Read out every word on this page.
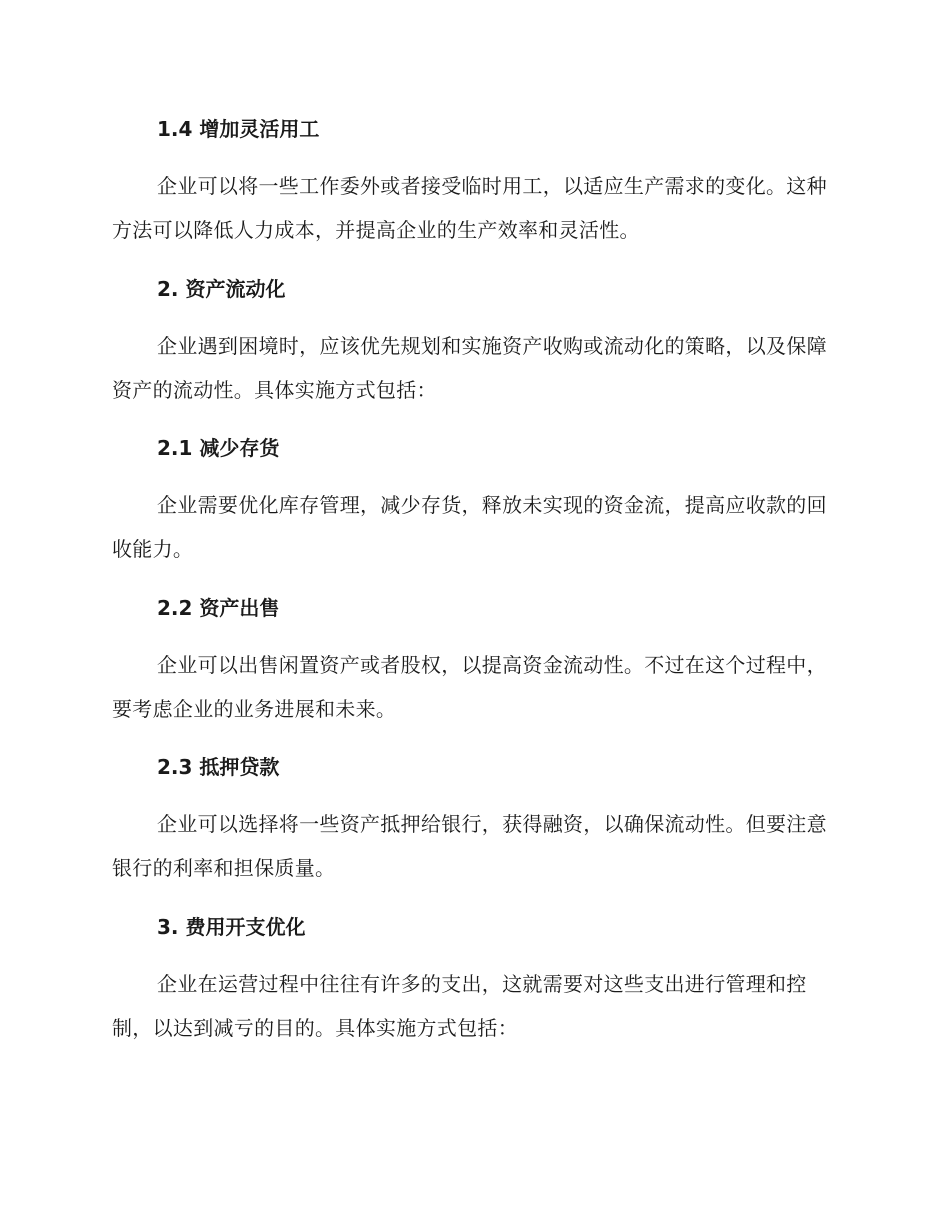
1.4 增加灵活用工

企业可以将一些工作委外或者接受临时用工，以适应生产需求的变化。这种方法可以降低人力成本，并提高企业的生产效率和灵活性。

2. 资产流动化

企业遇到困境时，应该优先规划和实施资产收购或流动化的策略，以及保障资产的流动性。具体实施方式包括：

2.1 减少存货

企业需要优化库存管理，减少存货，释放未实现的资金流，提高应收款的回收能力。

2.2 资产出售

企业可以出售闲置资产或者股权，以提高资金流动性。不过在这个过程中，要考虑企业的业务进展和未来。

2.3 抵押贷款

企业可以选择将一些资产抵押给银行，获得融资，以确保流动性。但要注意银行的利率和担保质量。

3. 费用开支优化

企业在运营过程中往往有许多的支出，这就需要对这些支出进行管理和控制，以达到减亏的目的。具体实施方式包括：
